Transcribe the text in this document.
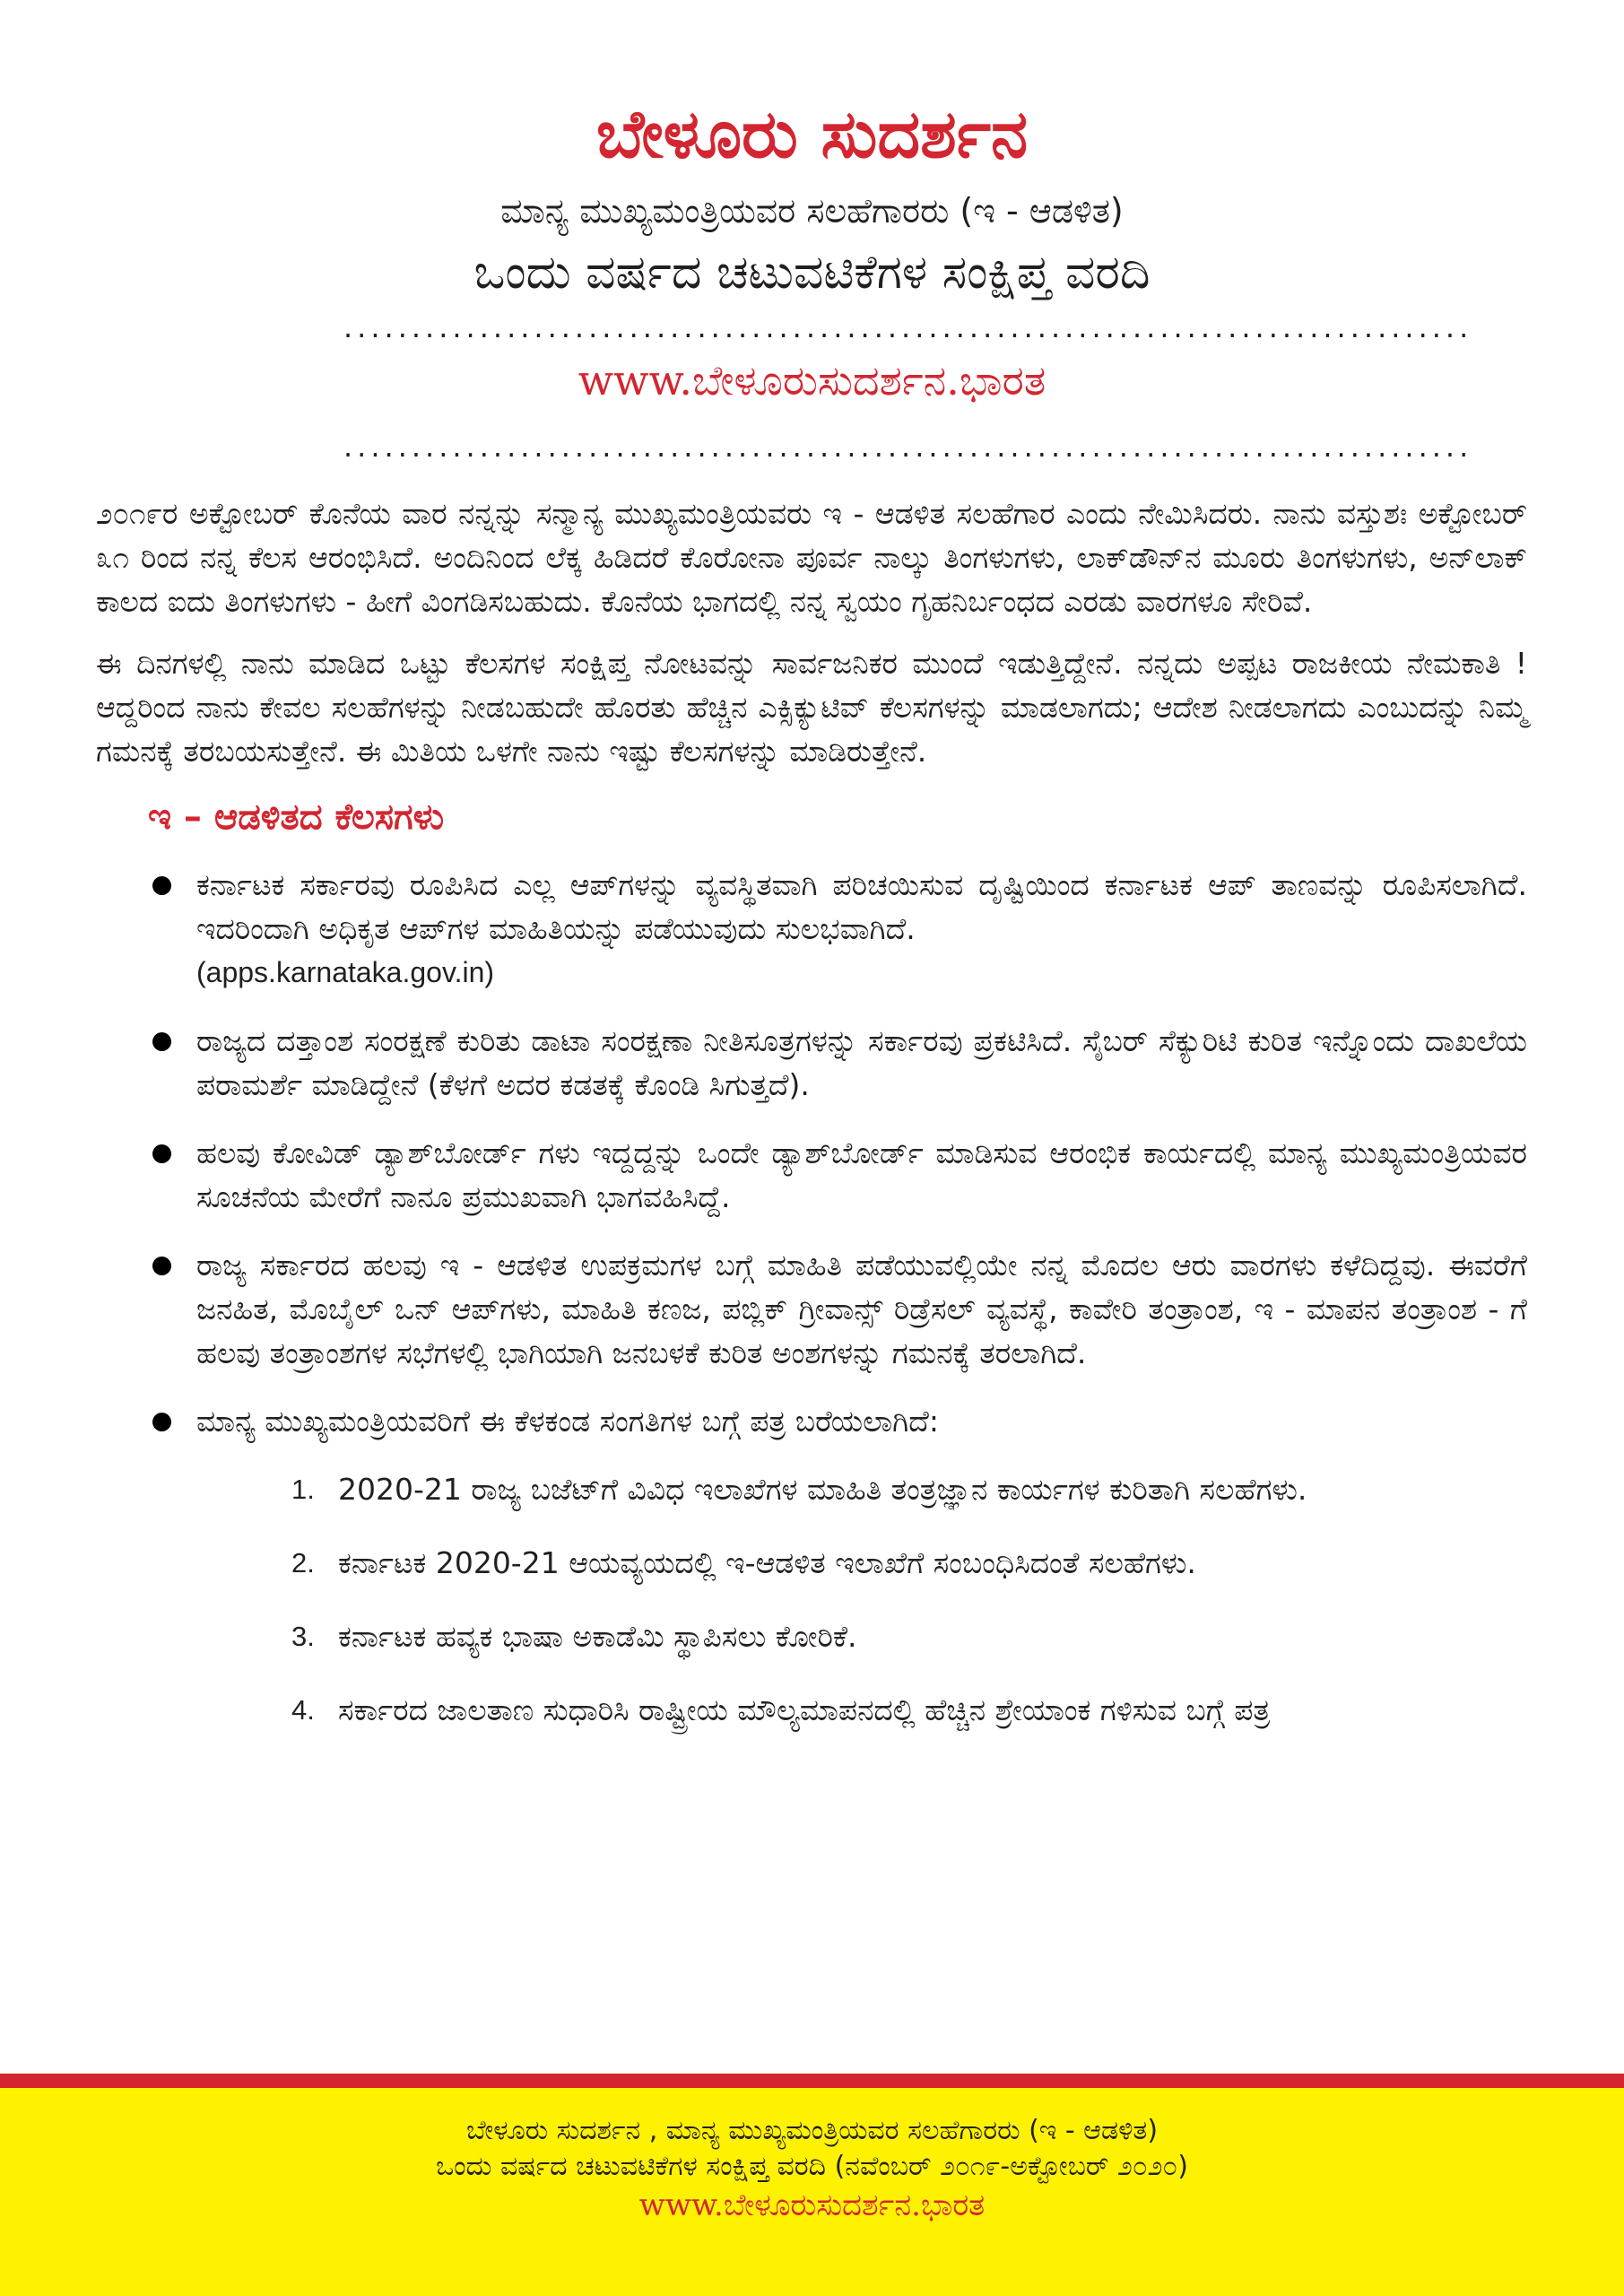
ಬೇಳೂರು ಸುದರ್ಶನ

ಮಾನ್ಯ ಮುಖ್ಯಮಂತ್ರಿಯವರ ಸಲಹೆಗಾರರು (ಇ - ಆಡಳಿತ)

ಒಂದು ವರ್ಷದ ಚಟುವಟಿಕೆಗಳ ಸಂಕ್ಷಿಪ್ತ ವರದಿ

...................................................................................
www.ಬೇಳೂರುಸುದರ್ಶನ.ಭಾರತ
...................................................................................

೨೦೧೯ರ ಅಕ್ಟೋಬರ್ ಕೊನೆಯ ವಾರ ನನ್ನನ್ನು ಸನ್ಮಾನ್ಯ ಮುಖ್ಯಮಂತ್ರಿಯವರು ಇ - ಆಡಳಿತ ಸಲಹೆಗಾರ ಎಂದು ನೇಮಿಸಿದರು. ನಾನು ವಸ್ತುಶಃ ಅಕ್ಟೋಬರ್ ೩೧ ರಿಂದ ನನ್ನ ಕೆಲಸ ಆರಂಭಿಸಿದೆ. ಅಂದಿನಿಂದ ಲೆಕ್ಕ ಹಿಡಿದರೆ ಕೊರೋನಾ ಪೂರ್ವ ನಾಲ್ಕು ತಿಂಗಳುಗಳು, ಲಾಕ್‌ಡೌನ್‌ನ ಮೂರು ತಿಂಗಳುಗಳು, ಅನ್‌ಲಾಕ್ ಕಾಲದ ಐದು ತಿಂಗಳುಗಳು - ಹೀಗೆ ವಿಂಗಡಿಸಬಹುದು. ಕೊನೆಯ ಭಾಗದಲ್ಲಿ ನನ್ನ ಸ್ವಯಂ ಗೃಹನಿರ್ಬಂಧದ ಎರಡು ವಾರಗಳೂ ಸೇರಿವೆ.

ಈ ದಿನಗಳಲ್ಲಿ ನಾನು ಮಾಡಿದ ಒಟ್ಟು ಕೆಲಸಗಳ ಸಂಕ್ಷಿಪ್ತ ನೋಟವನ್ನು ಸಾರ್ವಜನಿಕರ ಮುಂದೆ ಇಡುತ್ತಿದ್ದೇನೆ. ನನ್ನದು ಅಪ್ಪಟ ರಾಜಕೀಯ ನೇಮಕಾತಿ ! ಆದ್ದರಿಂದ ನಾನು ಕೇವಲ ಸಲಹೆಗಳನ್ನು ನೀಡಬಹುದೇ ಹೊರತು ಹೆಚ್ಚಿನ ಎಕ್ಸಿಕ್ಯುಟಿವ್ ಕೆಲಸಗಳನ್ನು ಮಾಡಲಾಗದು; ಆದೇಶ ನೀಡಲಾಗದು ಎಂಬುದನ್ನು ನಿಮ್ಮ ಗಮನಕ್ಕೆ ತರಬಯಸುತ್ತೇನೆ. ಈ ಮಿತಿಯ ಒಳಗೇ ನಾನು ಇಷ್ಟು ಕೆಲಸಗಳನ್ನು ಮಾಡಿರುತ್ತೇನೆ.

ಇ – ಆಡಳಿತದ ಕೆಲಸಗಳು
ಕರ್ನಾಟಕ ಸರ್ಕಾರವು ರೂಪಿಸಿದ ಎಲ್ಲ ಆಪ್‌ಗಳನ್ನು ವ್ಯವಸ್ಥಿತವಾಗಿ ಪರಿಚಯಿಸುವ ದೃಷ್ಟಿಯಿಂದ ಕರ್ನಾಟಕ ಆಪ್ ತಾಣವನ್ನು ರೂಪಿಸಲಾಗಿದೆ. ಇದರಿಂದಾಗಿ ಅಧಿಕೃತ ಆಪ್‌ಗಳ ಮಾಹಿತಿಯನ್ನು ಪಡೆಯುವುದು ಸುಲಭವಾಗಿದೆ.
(apps.karnataka.gov.in)
ರಾಜ್ಯದ ದತ್ತಾಂಶ ಸಂರಕ್ಷಣೆ ಕುರಿತು ಡಾಟಾ ಸಂರಕ್ಷಣಾ ನೀತಿಸೂತ್ರಗಳನ್ನು ಸರ್ಕಾರವು ಪ್ರಕಟಿಸಿದೆ. ಸೈಬರ್ ಸೆಕ್ಯುರಿಟಿ ಕುರಿತ ಇನ್ನೊಂದು ದಾಖಲೆಯ ಪರಾಮರ್ಶೆ ಮಾಡಿದ್ದೇನೆ (ಕೆಳಗೆ ಅದರ ಕಡತಕ್ಕೆ ಕೊಂಡಿ ಸಿಗುತ್ತದೆ).
ಹಲವು ಕೋವಿಡ್ ಡ್ಯಾಶ್‌ಬೋರ್ಡ್ ಗಳು ಇದ್ದದ್ದನ್ನು ಒಂದೇ ಡ್ಯಾಶ್‌ಬೋರ್ಡ್ ಮಾಡಿಸುವ ಆರಂಭಿಕ ಕಾರ್ಯದಲ್ಲಿ ಮಾನ್ಯ ಮುಖ್ಯಮಂತ್ರಿಯವರ ಸೂಚನೆಯ ಮೇರೆಗೆ ನಾನೂ ಪ್ರಮುಖವಾಗಿ ಭಾಗವಹಿಸಿದ್ದೆ.
ರಾಜ್ಯ ಸರ್ಕಾರದ ಹಲವು ಇ - ಆಡಳಿತ ಉಪಕ್ರಮಗಳ ಬಗ್ಗೆ ಮಾಹಿತಿ ಪಡೆಯುವಲ್ಲಿಯೇ ನನ್ನ ಮೊದಲ ಆರು ವಾರಗಳು ಕಳೆದಿದ್ದವು. ಈವರೆಗೆ ಜನಹಿತ, ಮೊಬೈಲ್ ಒನ್ ಆಪ್‌ಗಳು, ಮಾಹಿತಿ ಕಣಜ, ಪಬ್ಲಿಕ್ ಗ್ರೀವಾನ್ಸ್ ರಿಡ್ರೆಸಲ್ ವ್ಯವಸ್ಥೆ, ಕಾವೇರಿ ತಂತ್ರಾಂಶ, ಇ - ಮಾಪನ ತಂತ್ರಾಂಶ - ಗೆ ಹಲವು ತಂತ್ರಾಂಶಗಳ ಸಭೆಗಳಲ್ಲಿ ಭಾಗಿಯಾಗಿ ಜನಬಳಕೆ ಕುರಿತ ಅಂಶಗಳನ್ನು ಗಮನಕ್ಕೆ ತರಲಾಗಿದೆ.
ಮಾನ್ಯ ಮುಖ್ಯಮಂತ್ರಿಯವರಿಗೆ ಈ ಕೆಳಕಂಡ ಸಂಗತಿಗಳ ಬಗ್ಗೆ ಪತ್ರ ಬರೆಯಲಾಗಿದೆ:
1. 2020-21 ರಾಜ್ಯ ಬಜೆಟ್‌ಗೆ ವಿವಿಧ ಇಲಾಖೆಗಳ ಮಾಹಿತಿ ತಂತ್ರಜ್ಞಾನ ಕಾರ್ಯಗಳ ಕುರಿತಾಗಿ ಸಲಹೆಗಳು.
2. ಕರ್ನಾಟಕ 2020-21 ಆಯವ್ಯಯದಲ್ಲಿ ಇ-ಆಡಳಿತ ಇಲಾಖೆಗೆ ಸಂಬಂಧಿಸಿದಂತೆ ಸಲಹೆಗಳು.
3. ಕರ್ನಾಟಕ ಹವ್ಯಕ ಭಾಷಾ ಅಕಾಡೆಮಿ ಸ್ಥಾಪಿಸಲು ಕೋರಿಕೆ.
4. ಸರ್ಕಾರದ ಜಾಲತಾಣ ಸುಧಾರಿಸಿ ರಾಷ್ಟ್ರೀಯ ಮೌಲ್ಯಮಾಪನದಲ್ಲಿ ಹೆಚ್ಚಿನ ಶ್ರೇಯಾಂಕ ಗಳಿಸುವ ಬಗ್ಗೆ ಪತ್ರ

ಬೇಳೂರು ಸುದರ್ಶನ , ಮಾನ್ಯ ಮುಖ್ಯಮಂತ್ರಿಯವರ ಸಲಹೆಗಾರರು (ಇ - ಆಡಳಿತ)

ಒಂದು ವರ್ಷದ ಚಟುವಟಿಕೆಗಳ ಸಂಕ್ಷಿಪ್ತ ವರದಿ (ನವೆಂಬರ್ ೨೦೧೯-ಅಕ್ಟೋಬರ್ ೨೦೨೦)

www.ಬೇಳೂರುಸುದರ್ಶನ.ಭಾರತ
